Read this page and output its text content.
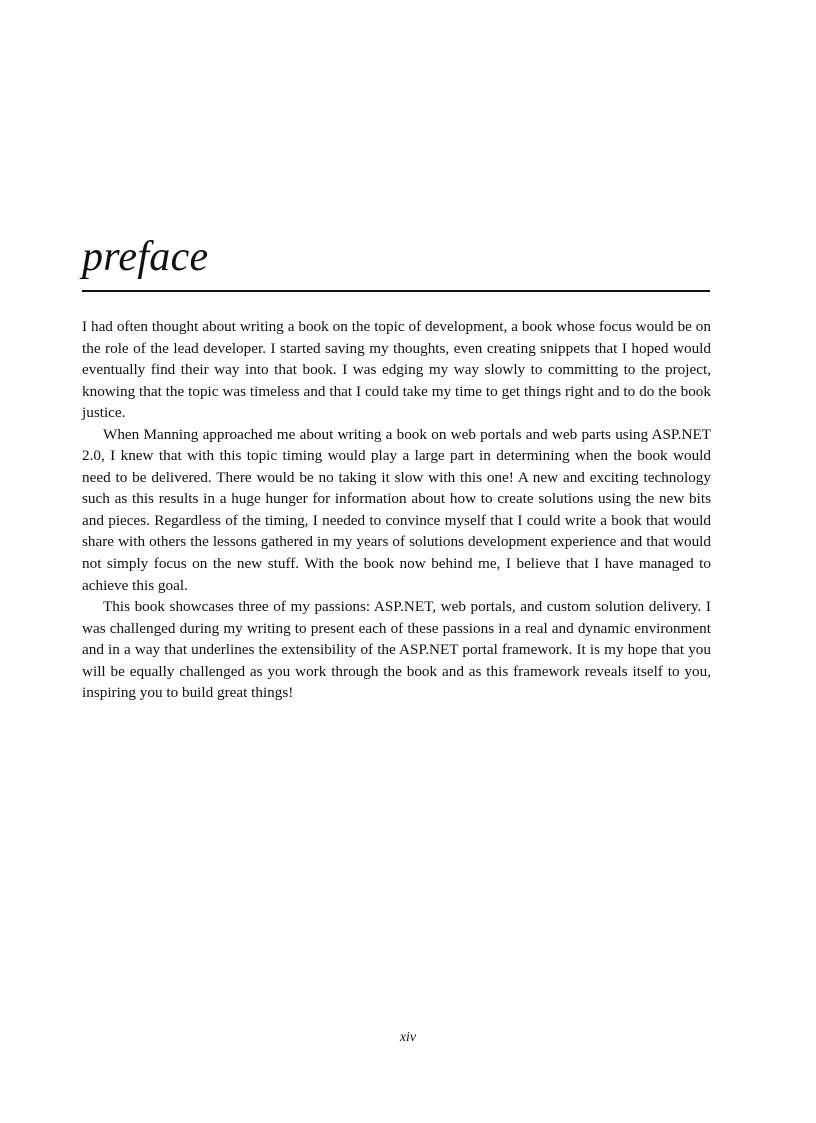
preface

I had often thought about writing a book on the topic of development, a book whose focus would be on the role of the lead developer. I started saving my thoughts, even creating snippets that I hoped would eventually find their way into that book. I was edging my way slowly to committing to the project, knowing that the topic was timeless and that I could take my time to get things right and to do the book justice.

When Manning approached me about writing a book on web portals and web parts using ASP.NET 2.0, I knew that with this topic timing would play a large part in determining when the book would need to be delivered. There would be no taking it slow with this one! A new and exciting technology such as this results in a huge hunger for information about how to create solutions using the new bits and pieces. Regardless of the timing, I needed to convince myself that I could write a book that would share with others the lessons gathered in my years of solutions development experience and that would not simply focus on the new stuff. With the book now behind me, I believe that I have managed to achieve this goal.

This book showcases three of my passions: ASP.NET, web portals, and custom solution delivery. I was challenged during my writing to present each of these passions in a real and dynamic environment and in a way that underlines the extensibility of the ASP.NET portal framework. It is my hope that you will be equally challenged as you work through the book and as this framework reveals itself to you, inspiring you to build great things!

xiv
